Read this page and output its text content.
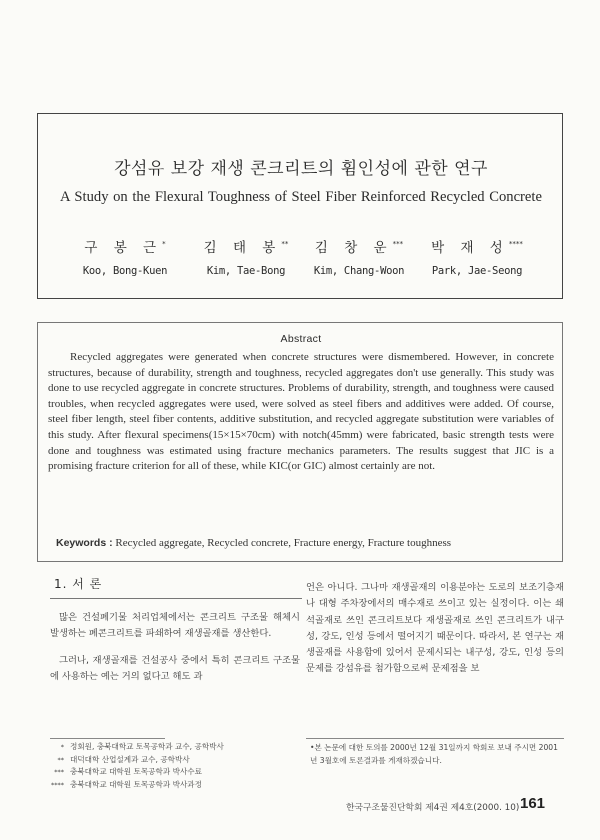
강섬유 보강 재생 콘크리트의 휨인성에 관한 연구
A Study on the Flexural Toughness of Steel Fiber Reinforced Recycled Concrete
구 봉 근*
Koo, Bong-Kuen
김 태 봉**
Kim, Tae-Bong
김 창 운***
Kim, Chang-Woon
박 재 성****
Park, Jae-Seong
Abstract
Recycled aggregates were generated when concrete structures were dismembered. However, in concrete structures, because of durability, strength and toughness, recycled aggregates don't use generally. This study was done to use recycled aggregate in concrete structures. Problems of durability, strength, and toughness were caused troubles, when recycled aggregates were used, were solved as steel fibers and additives were added. Of course, steel fiber length, steel fiber contents, additive substitution, and recycled aggregate substitution were variables of this study. After flexural specimens(15×15×70cm) with notch(45mm) were fabricated, basic strength tests were done and toughness was estimated using fracture mechanics parameters. The results suggest that JIC is a promising fracture criterion for all of these, while KIC(or GIC) almost certainly are not.
Keywords : Recycled aggregate, Recycled concrete, Fracture energy, Fracture toughness
1. 서 론

많은 건설폐기물 처리업체에서는 콘크리트 구조물 해체시 발생하는 폐콘크리트를 파쇄하여 재생골재를 생산한다.

그러나, 재생골재를 건설공사 중에서 특히 콘크리트 구조물에 사용하는 예는 거의 없다고 해도 과

언은 아니다. 그나마 재생골재의 이용분야는 도로의 보조기층재나 대형 주차장에서의 매수재로 쓰이고 있는 실정이다. 이는 쇄석골재로 쓰인 콘크리트보다 재생골재로 쓰인 콘크리트가 내구성, 강도, 인성 등에서 떨어지기 때문이다. 따라서, 본 연구는 재생골재를 사용함에 있어서 문제시되는 내구성, 강도, 인성 등의 문제를 강섬유를 첨가함으로써 문제점을 보

* 정회원, 충북대학교 토목공학과 교수, 공학박사
** 대덕대학 산업설계과 교수, 공학박사
*** 충북대학교 대학원 토목공학과 박사수료
**** 충북대학교 대학원 토목공학과 박사과정
•본 논문에 대한 토의를 2000년 12월 31일까지 학회로 보내 주시면 2001년 3월호에 토론결과를 게재하겠습니다.
한국구조물진단학회 제4권 제4호(2000. 10) 161
